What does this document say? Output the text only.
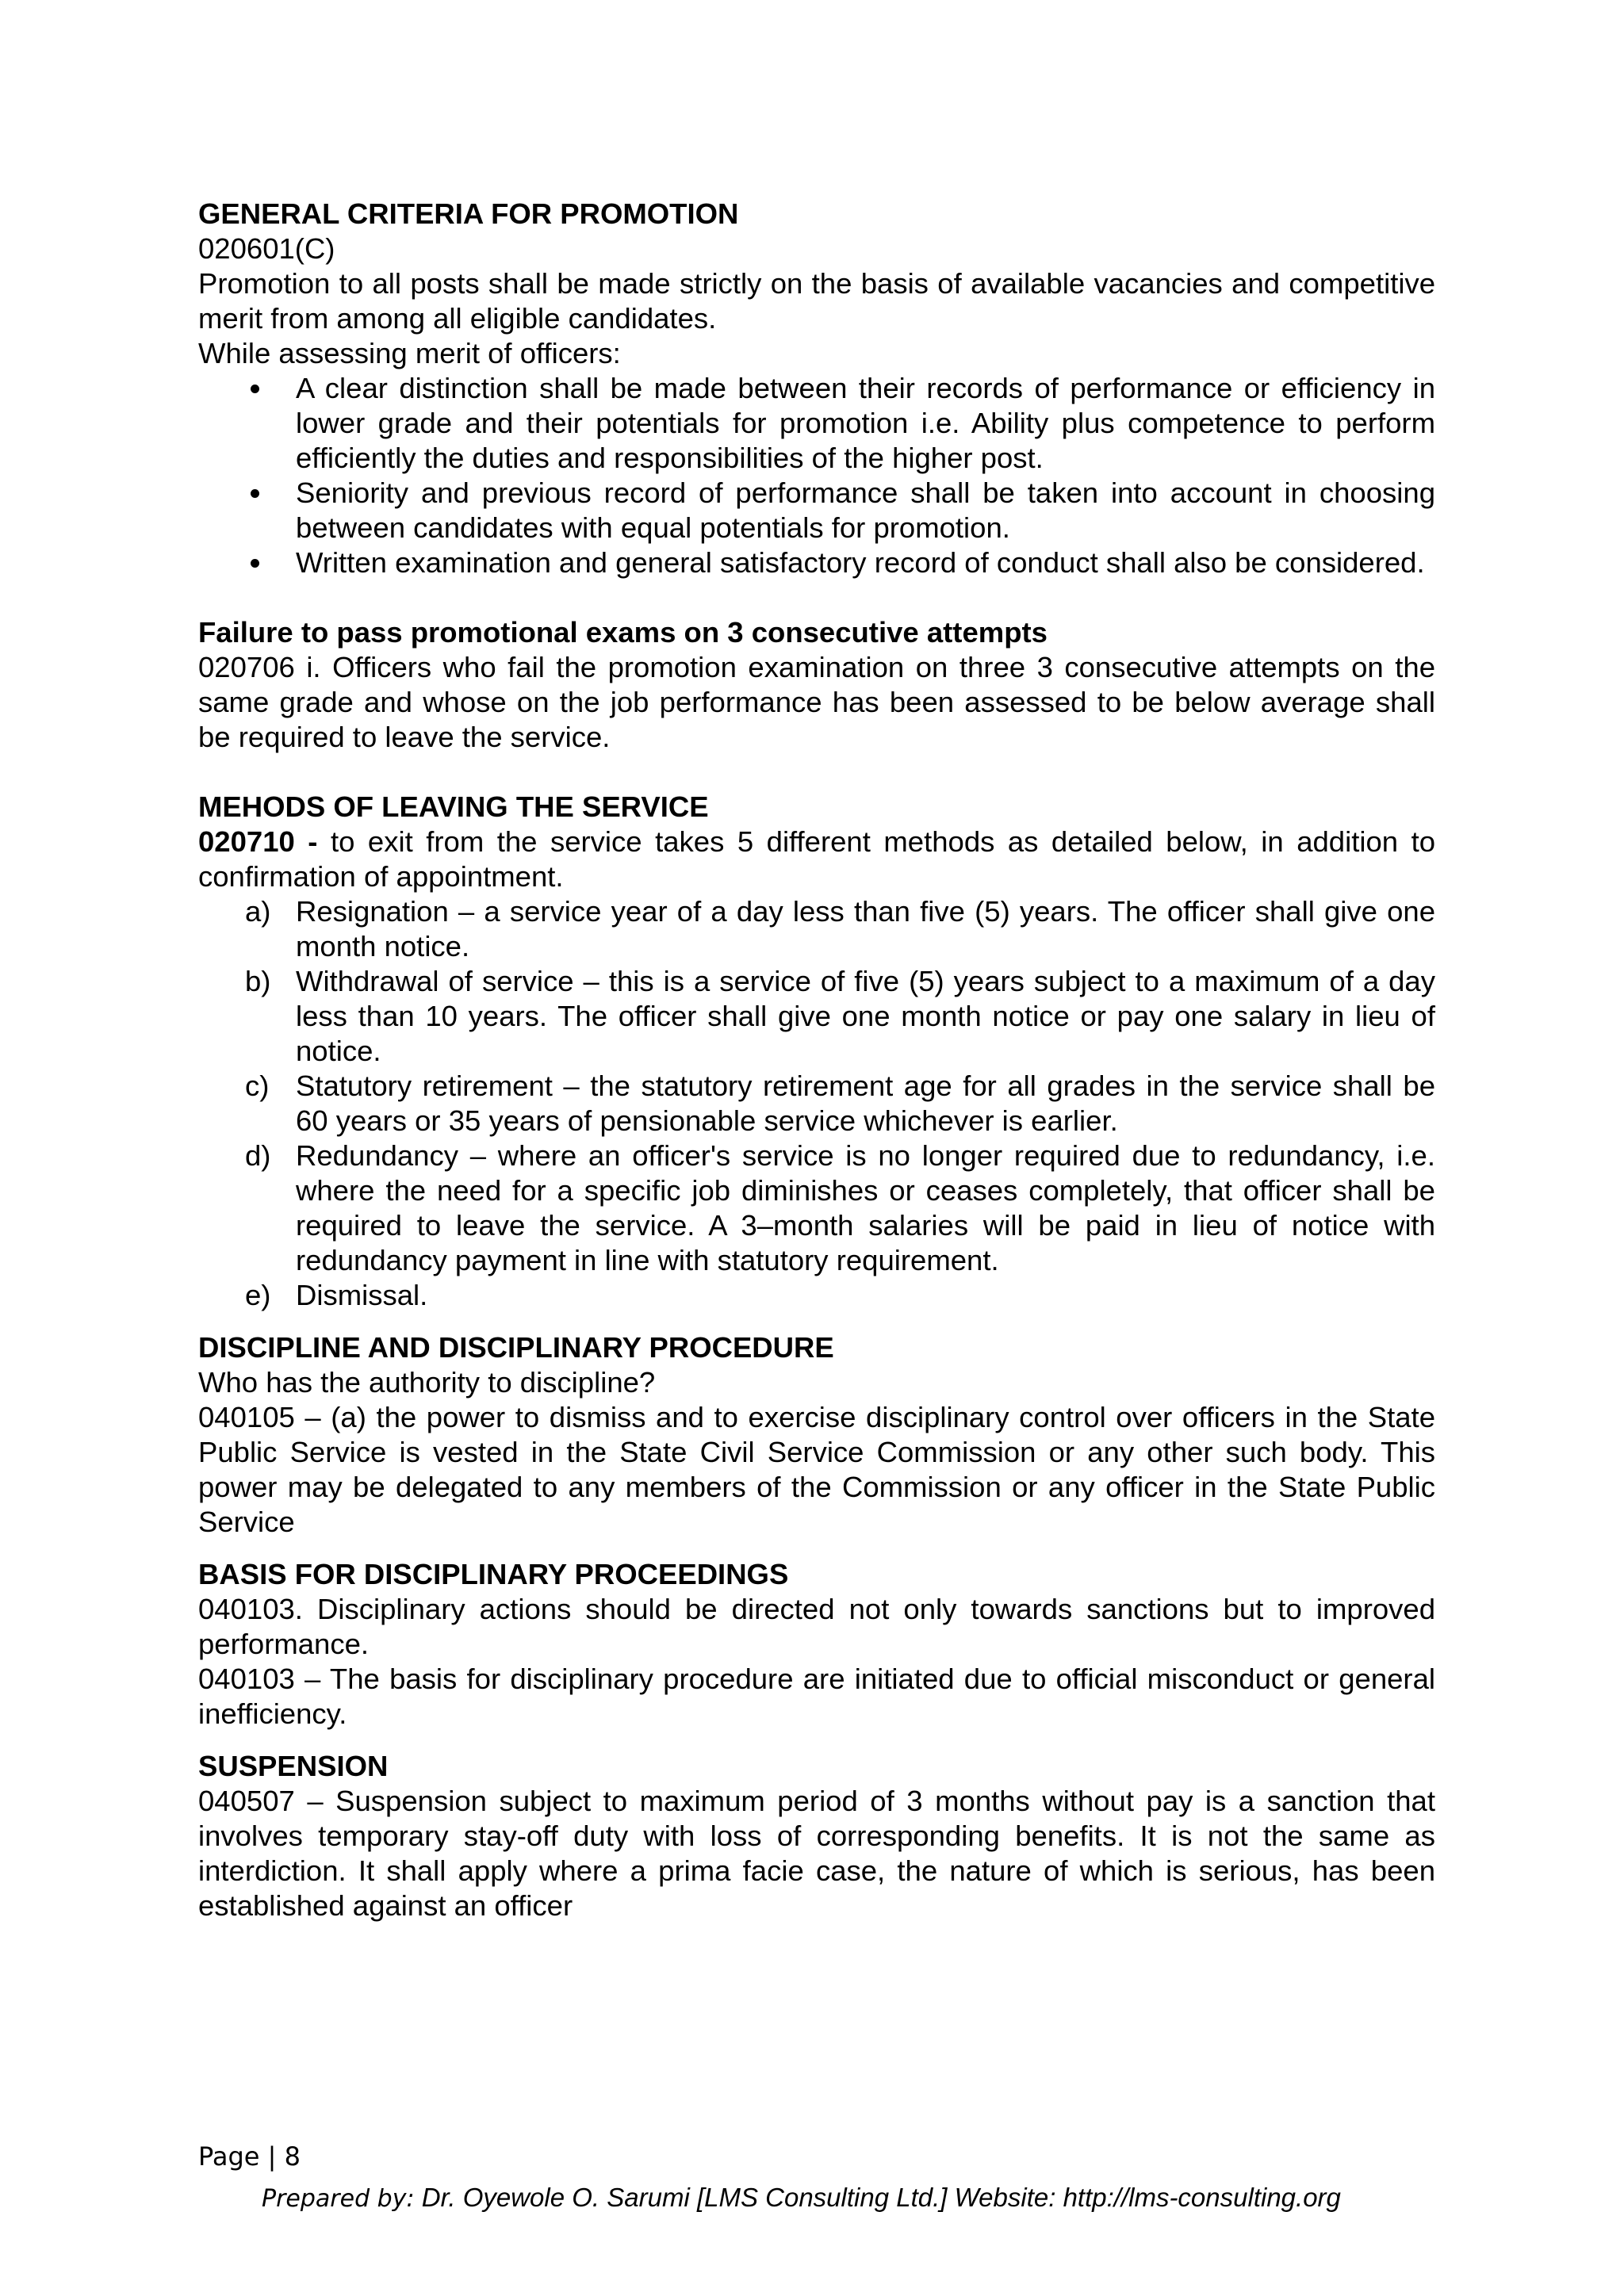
GENERAL CRITERIA FOR PROMOTION

020601(C)

Promotion to all posts shall be made strictly on the basis of available vacancies and competitive merit from among all eligible candidates.

While assessing merit of officers:

A clear distinction shall be made between their records of performance or efficiency in lower grade and their potentials for promotion i.e. Ability plus competence to perform efficiently the duties and responsibilities of the higher post.
Seniority and previous record of performance shall be taken into account in choosing between candidates with equal potentials for promotion.
Written examination and general satisfactory record of conduct shall also be considered.
Failure to pass promotional exams on 3 consecutive attempts

020706 i. Officers who fail the promotion examination on three 3 consecutive attempts on the same grade and whose on the job performance has been assessed to be below average shall be required to leave the service.

MEHODS OF LEAVING THE SERVICE

020710 - to exit from the service takes 5 different methods as detailed below, in addition to confirmation of appointment.

a) Resignation – a service year of a day less than five (5) years. The officer shall give one month notice.
b) Withdrawal of service – this is a service of five (5) years subject to a maximum of a day less than 10 years. The officer shall give one month notice or pay one salary in lieu of notice.
c) Statutory retirement – the statutory retirement age for all grades in the service shall be 60 years or 35 years of pensionable service whichever is earlier.
d) Redundancy – where an officer's service is no longer required due to redundancy, i.e. where the need for a specific job diminishes or ceases completely, that officer shall be required to leave the service. A 3–month salaries will be paid in lieu of notice with redundancy payment in line with statutory requirement.
e) Dismissal.
DISCIPLINE AND DISCIPLINARY PROCEDURE

Who has the authority to discipline?

040105 – (a) the power to dismiss and to exercise disciplinary control over officers in the State Public Service is vested in the State Civil Service Commission or any other such body. This power may be delegated to any members of the Commission or any officer in the State Public Service

BASIS FOR DISCIPLINARY PROCEEDINGS

040103. Disciplinary actions should be directed not only towards sanctions but to improved performance.

040103 – The basis for disciplinary procedure are initiated due to official misconduct or general inefficiency.

SUSPENSION

040507 – Suspension subject to maximum period of 3 months without pay is a sanction that involves temporary stay-off duty with loss of corresponding benefits. It is not the same as interdiction. It shall apply where a prima facie case, the nature of which is serious, has been established against an officer

Page | 8
Prepared by: Dr. Oyewole O. Sarumi [LMS Consulting Ltd.] Website: http://lms-consulting.org
